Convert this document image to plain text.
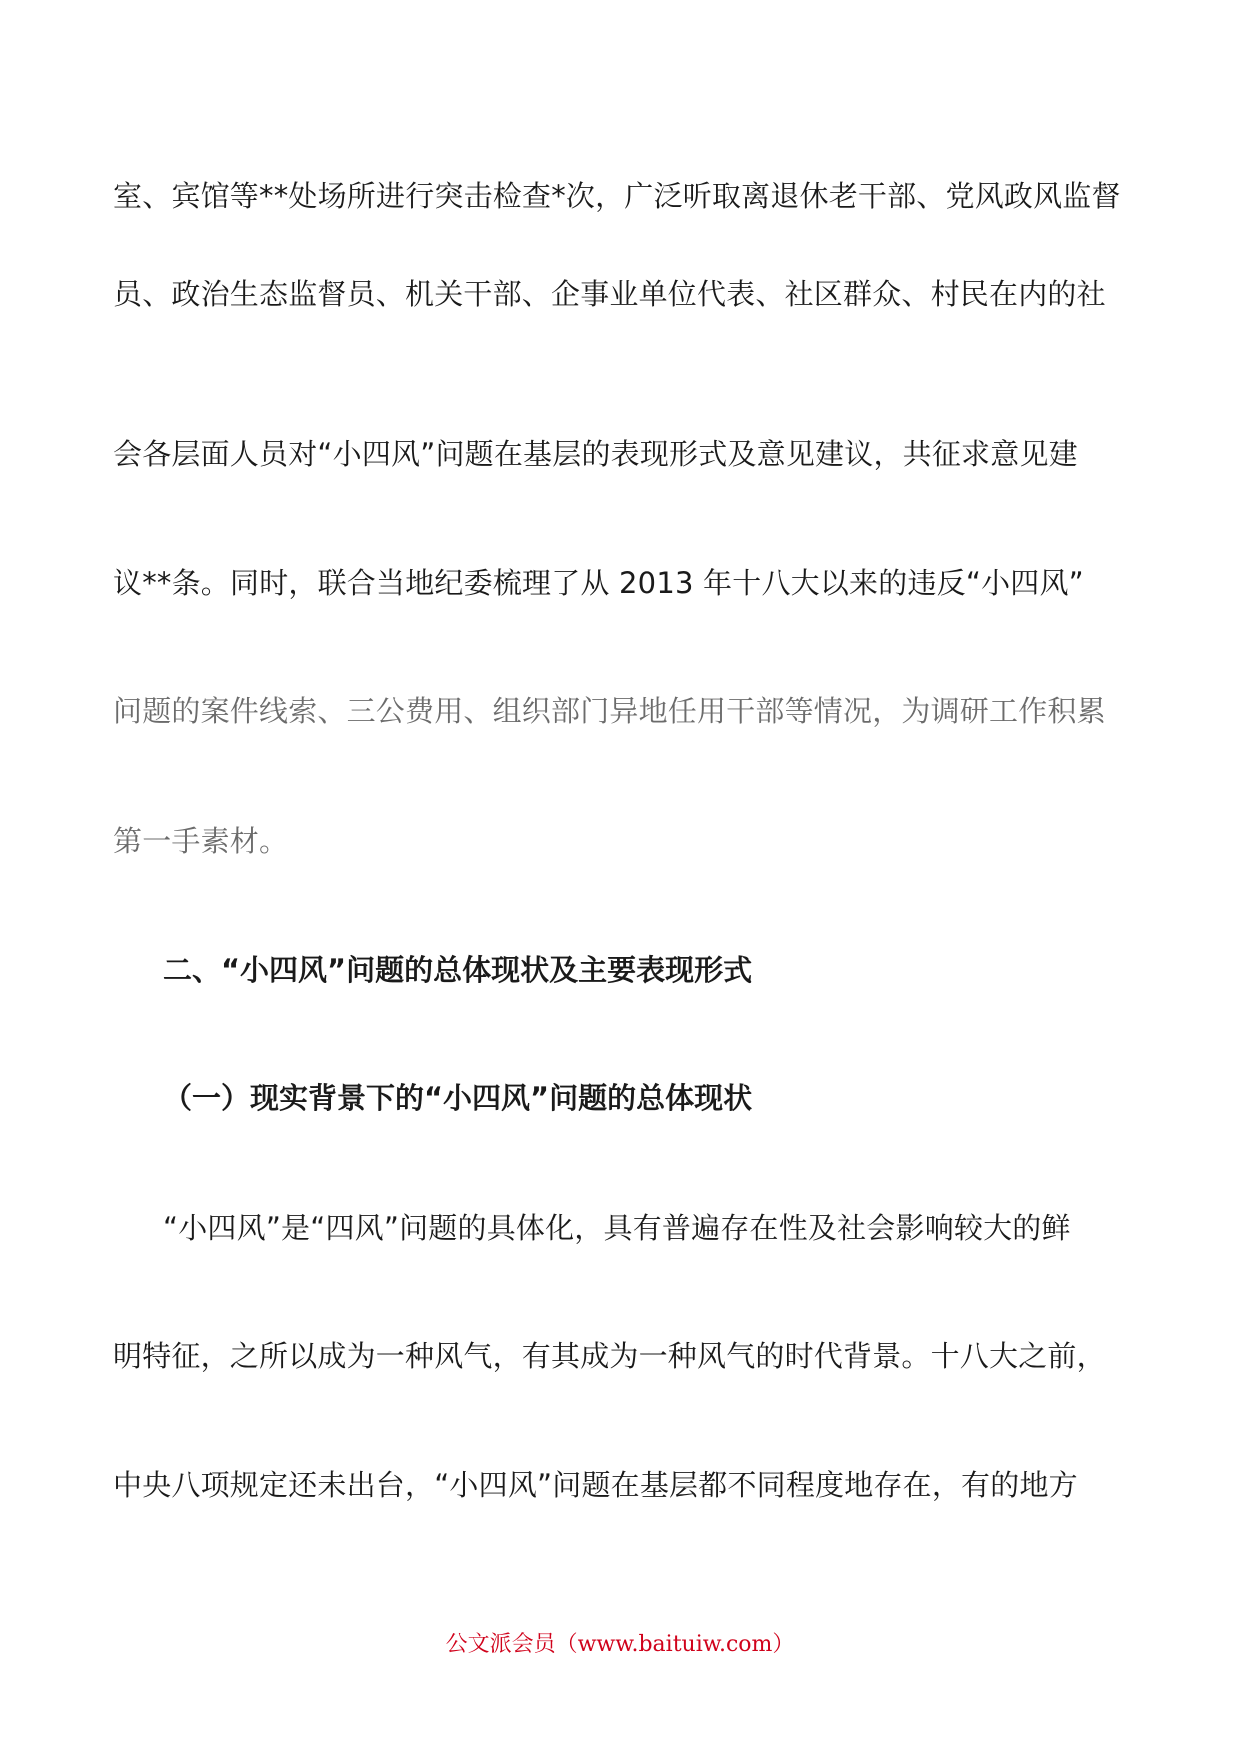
室、宾馆等**处场所进行突击检查*次，广泛听取离退休老干部、党风政风监督
员、政治生态监督员、机关干部、企事业单位代表、社区群众、村民在内的社
会各层面人员对“小四风”问题在基层的表现形式及意见建议，共征求意见建
议**条。同时，联合当地纪委梳理了从 2013 年十八大以来的违反“小四风”
问题的案件线索、三公费用、组织部门异地任用干部等情况，为调研工作积累
第一手素材。
二、“小四风”问题的总体现状及主要表现形式
（一）现实背景下的“小四风”问题的总体现状
“小四风”是“四风”问题的具体化，具有普遍存在性及社会影响较大的鲜
明特征，之所以成为一种风气，有其成为一种风气的时代背景。十八大之前，
中央八项规定还未出台，“小四风”问题在基层都不同程度地存在，有的地方
公文派会员（www.baituiw.com）
